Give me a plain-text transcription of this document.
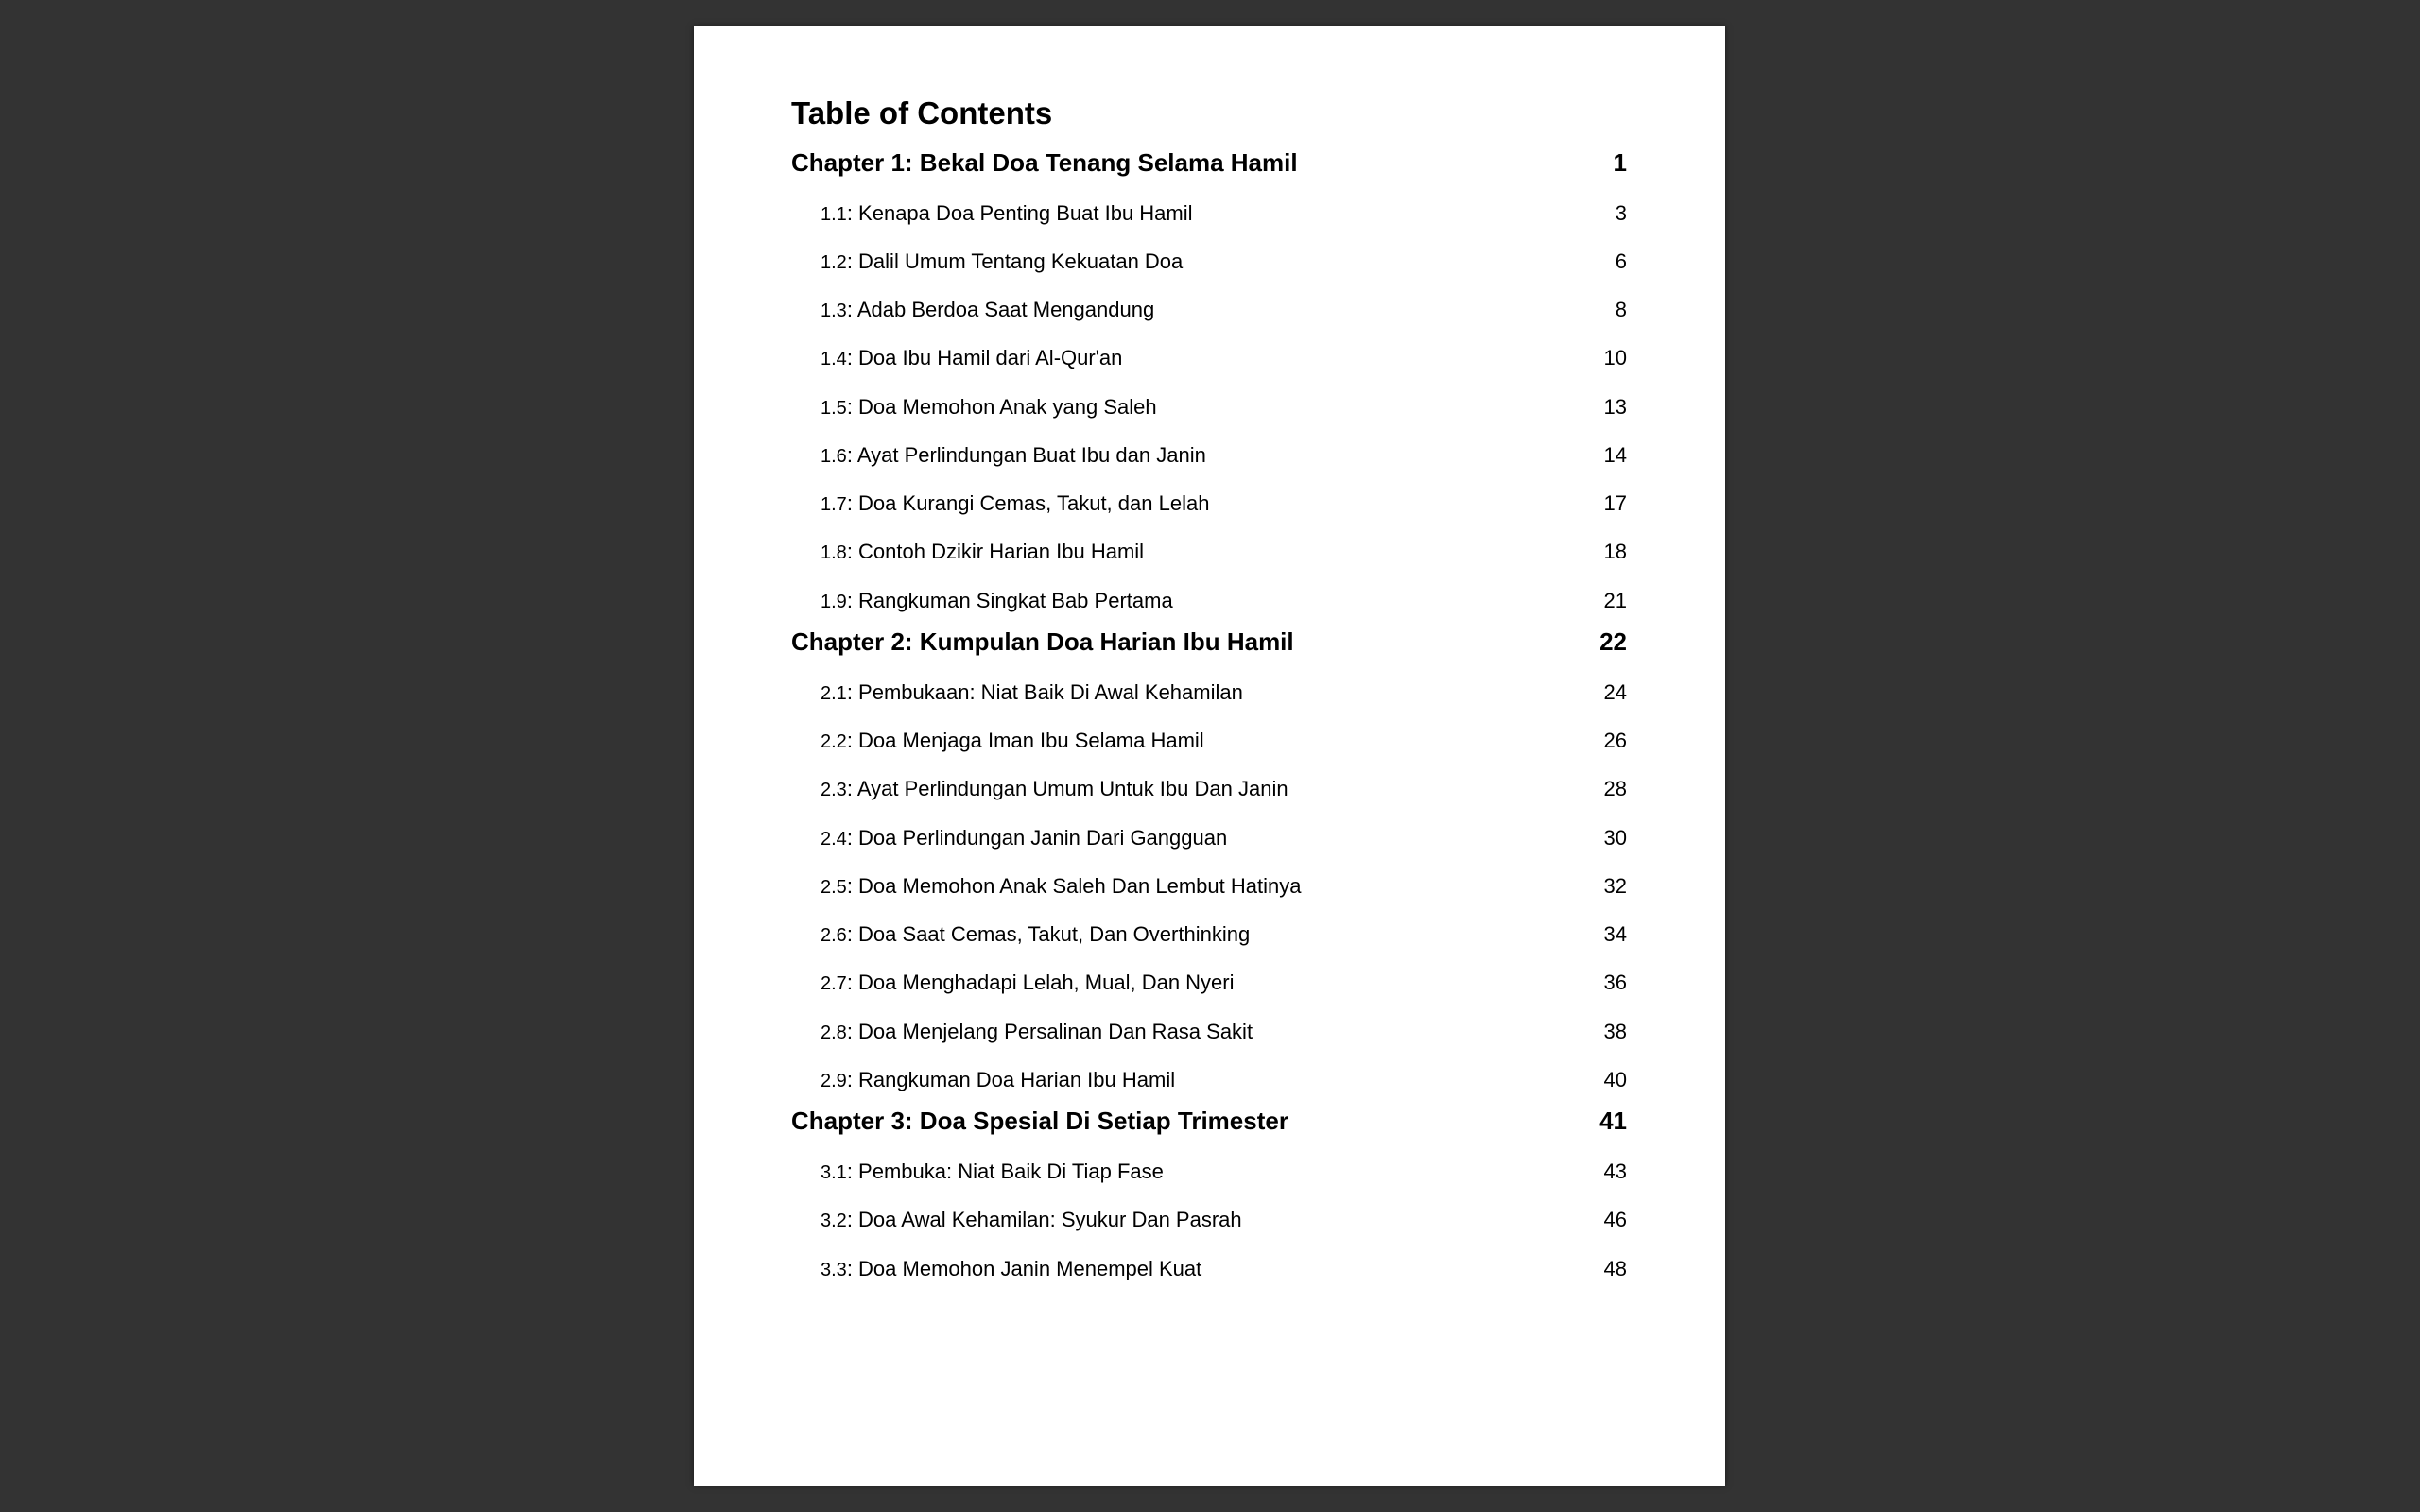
Table of Contents
Chapter 1: Bekal Doa Tenang Selama Hamil	1
1.1: Kenapa Doa Penting Buat Ibu Hamil	3
1.2: Dalil Umum Tentang Kekuatan Doa	6
1.3: Adab Berdoa Saat Mengandung	8
1.4: Doa Ibu Hamil dari Al-Qur'an	10
1.5: Doa Memohon Anak yang Saleh	13
1.6: Ayat Perlindungan Buat Ibu dan Janin	14
1.7: Doa Kurangi Cemas, Takut, dan Lelah	17
1.8: Contoh Dzikir Harian Ibu Hamil	18
1.9: Rangkuman Singkat Bab Pertama	21
Chapter 2: Kumpulan Doa Harian Ibu Hamil	22
2.1: Pembukaan: Niat Baik Di Awal Kehamilan	24
2.2: Doa Menjaga Iman Ibu Selama Hamil	26
2.3: Ayat Perlindungan Umum Untuk Ibu Dan Janin	28
2.4: Doa Perlindungan Janin Dari Gangguan	30
2.5: Doa Memohon Anak Saleh Dan Lembut Hatinya	32
2.6: Doa Saat Cemas, Takut, Dan Overthinking	34
2.7: Doa Menghadapi Lelah, Mual, Dan Nyeri	36
2.8: Doa Menjelang Persalinan Dan Rasa Sakit	38
2.9: Rangkuman Doa Harian Ibu Hamil	40
Chapter 3: Doa Spesial Di Setiap Trimester	41
3.1: Pembuka: Niat Baik Di Tiap Fase	43
3.2: Doa Awal Kehamilan: Syukur Dan Pasrah	46
3.3: Doa Memohon Janin Menempel Kuat	48
